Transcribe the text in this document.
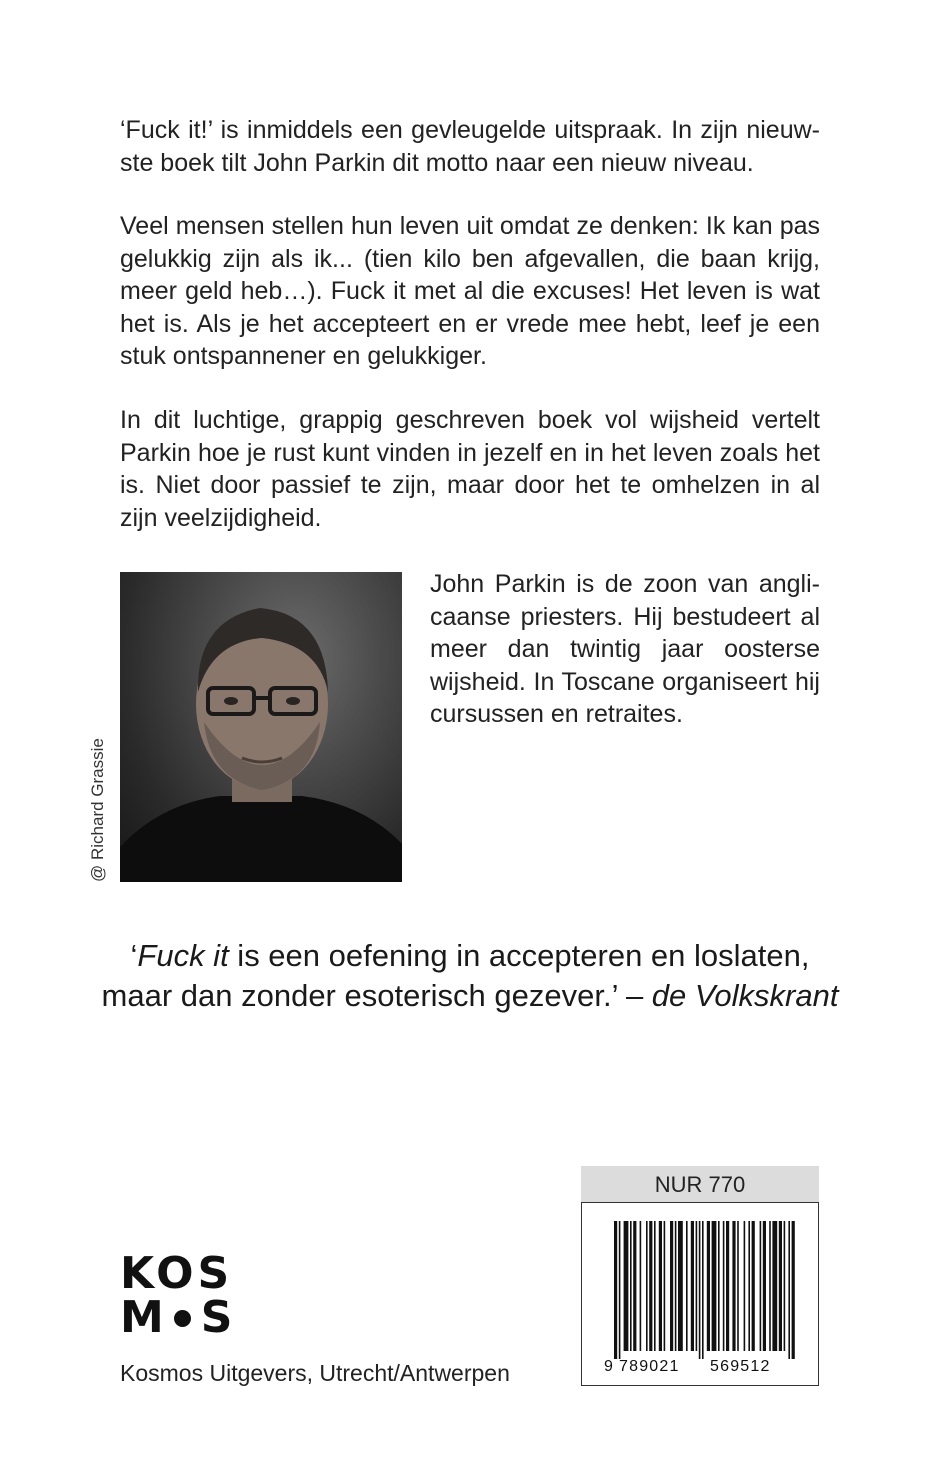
‘Fuck it!’ is inmiddels een gevleugelde uitspraak. In zijn nieuwste boek tilt John Parkin dit motto naar een nieuw niveau.

Veel mensen stellen hun leven uit omdat ze denken: Ik kan pas gelukkig zijn als ik... (tien kilo ben afgevallen, die baan krijg, meer geld heb…). Fuck it met al die excuses! Het leven is wat het is. Als je het accepteert en er vrede mee hebt, leef je een stuk ontspannener en gelukkiger.

In dit luchtige, grappig geschreven boek vol wijsheid vertelt Parkin hoe je rust kunt vinden in jezelf en in het leven zoals het is. Niet door passief te zijn, maar door het te omhelzen in al zijn veelzijdigheid.

@ Richard Grassie

John Parkin is de zoon van anglicaanse priesters. Hij bestudeert al meer dan twintig jaar oosterse wijsheid. In Toscane organiseert hij cursussen en retraites.

‘Fuck it is een oefening in accepteren en loslaten, maar dan zonder esoterisch gezever.’ – de Volkskrant

KOS
M S
Kosmos Uitgevers, Utrecht/Antwerpen
NUR 770
9 789021 569512
